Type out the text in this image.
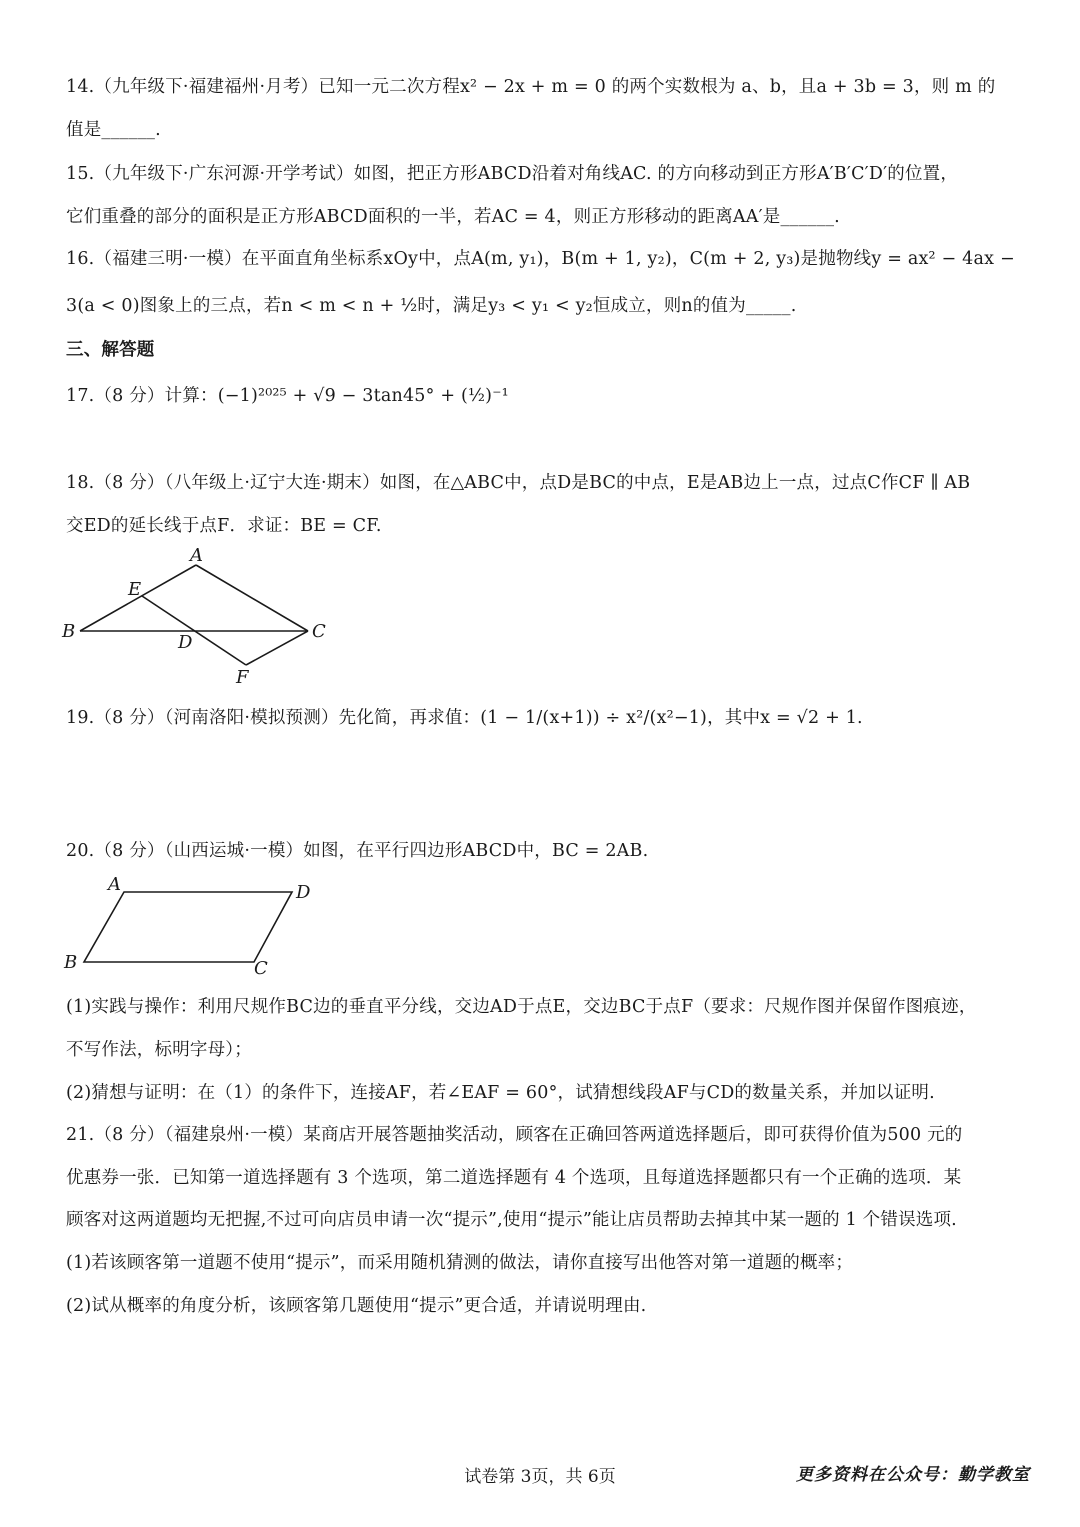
14.（九年级下·福建福州·月考）已知一元二次方程x² − 2x + m = 0 的两个实数根为 a、b，且a + 3b = 3，则 m 的
值是______.
15.（九年级下·广东河源·开学考试）如图，把正方形ABCD沿着对角线AC. 的方向移动到正方形A′B′C′D′的位置，
它们重叠的部分的面积是正方形ABCD面积的一半，若AC = 4，则正方形移动的距离AA′是______.
16.（福建三明·一模）在平面直角坐标系xOy中，点A(m, y₁)，B(m + 1, y₂)，C(m + 2, y₃)是抛物线y = ax² − 4ax −
3(a < 0)图象上的三点，若n < m < n + ½时，满足y₃ < y₁ < y₂恒成立，则n的值为_____.
三、解答题
17.（8 分）计算：(−1)²⁰²⁵ + √9 − 3tan45° + (½)⁻¹
18.（8 分）（八年级上·辽宁大连·期末）如图，在△ABC中，点D是BC的中点，E是AB边上一点，过点C作CF ∥ AB
交ED的延长线于点F．求证：BE = CF.
A
B	C
D
E
F
19.（8 分）（河南洛阳·模拟预测）先化简，再求值：(1 − 1/(x+1)) ÷ x²/(x²−1)，其中x = √2 + 1.
20.（8 分）（山西运城·一模）如图，在平行四边形ABCD中，BC = 2AB.
A	D
B	C
(1)实践与操作：利用尺规作BC边的垂直平分线，交边AD于点E，交边BC于点F（要求：尺规作图并保留作图痕迹，
不写作法，标明字母）；
(2)猜想与证明：在（1）的条件下，连接AF，若∠EAF = 60°，试猜想线段AF与CD的数量关系，并加以证明.
21.（8 分）（福建泉州·一模）某商店开展答题抽奖活动，顾客在正确回答两道选择题后，即可获得价值为500 元的
优惠券一张．已知第一道选择题有 3 个选项，第二道选择题有 4 个选项，且每道选择题都只有一个正确的选项．某
顾客对这两道题均无把握,不过可向店员申请一次“提示”,使用“提示”能让店员帮助去掉其中某一题的 1 个错误选项.
(1)若该顾客第一道题不使用“提示”，而采用随机猜测的做法，请你直接写出他答对第一道题的概率；
(2)试从概率的角度分析，该顾客第几题使用“提示”更合适，并请说明理由.
试卷第 3页，共 6页	更多资料在公众号：勤学教室
